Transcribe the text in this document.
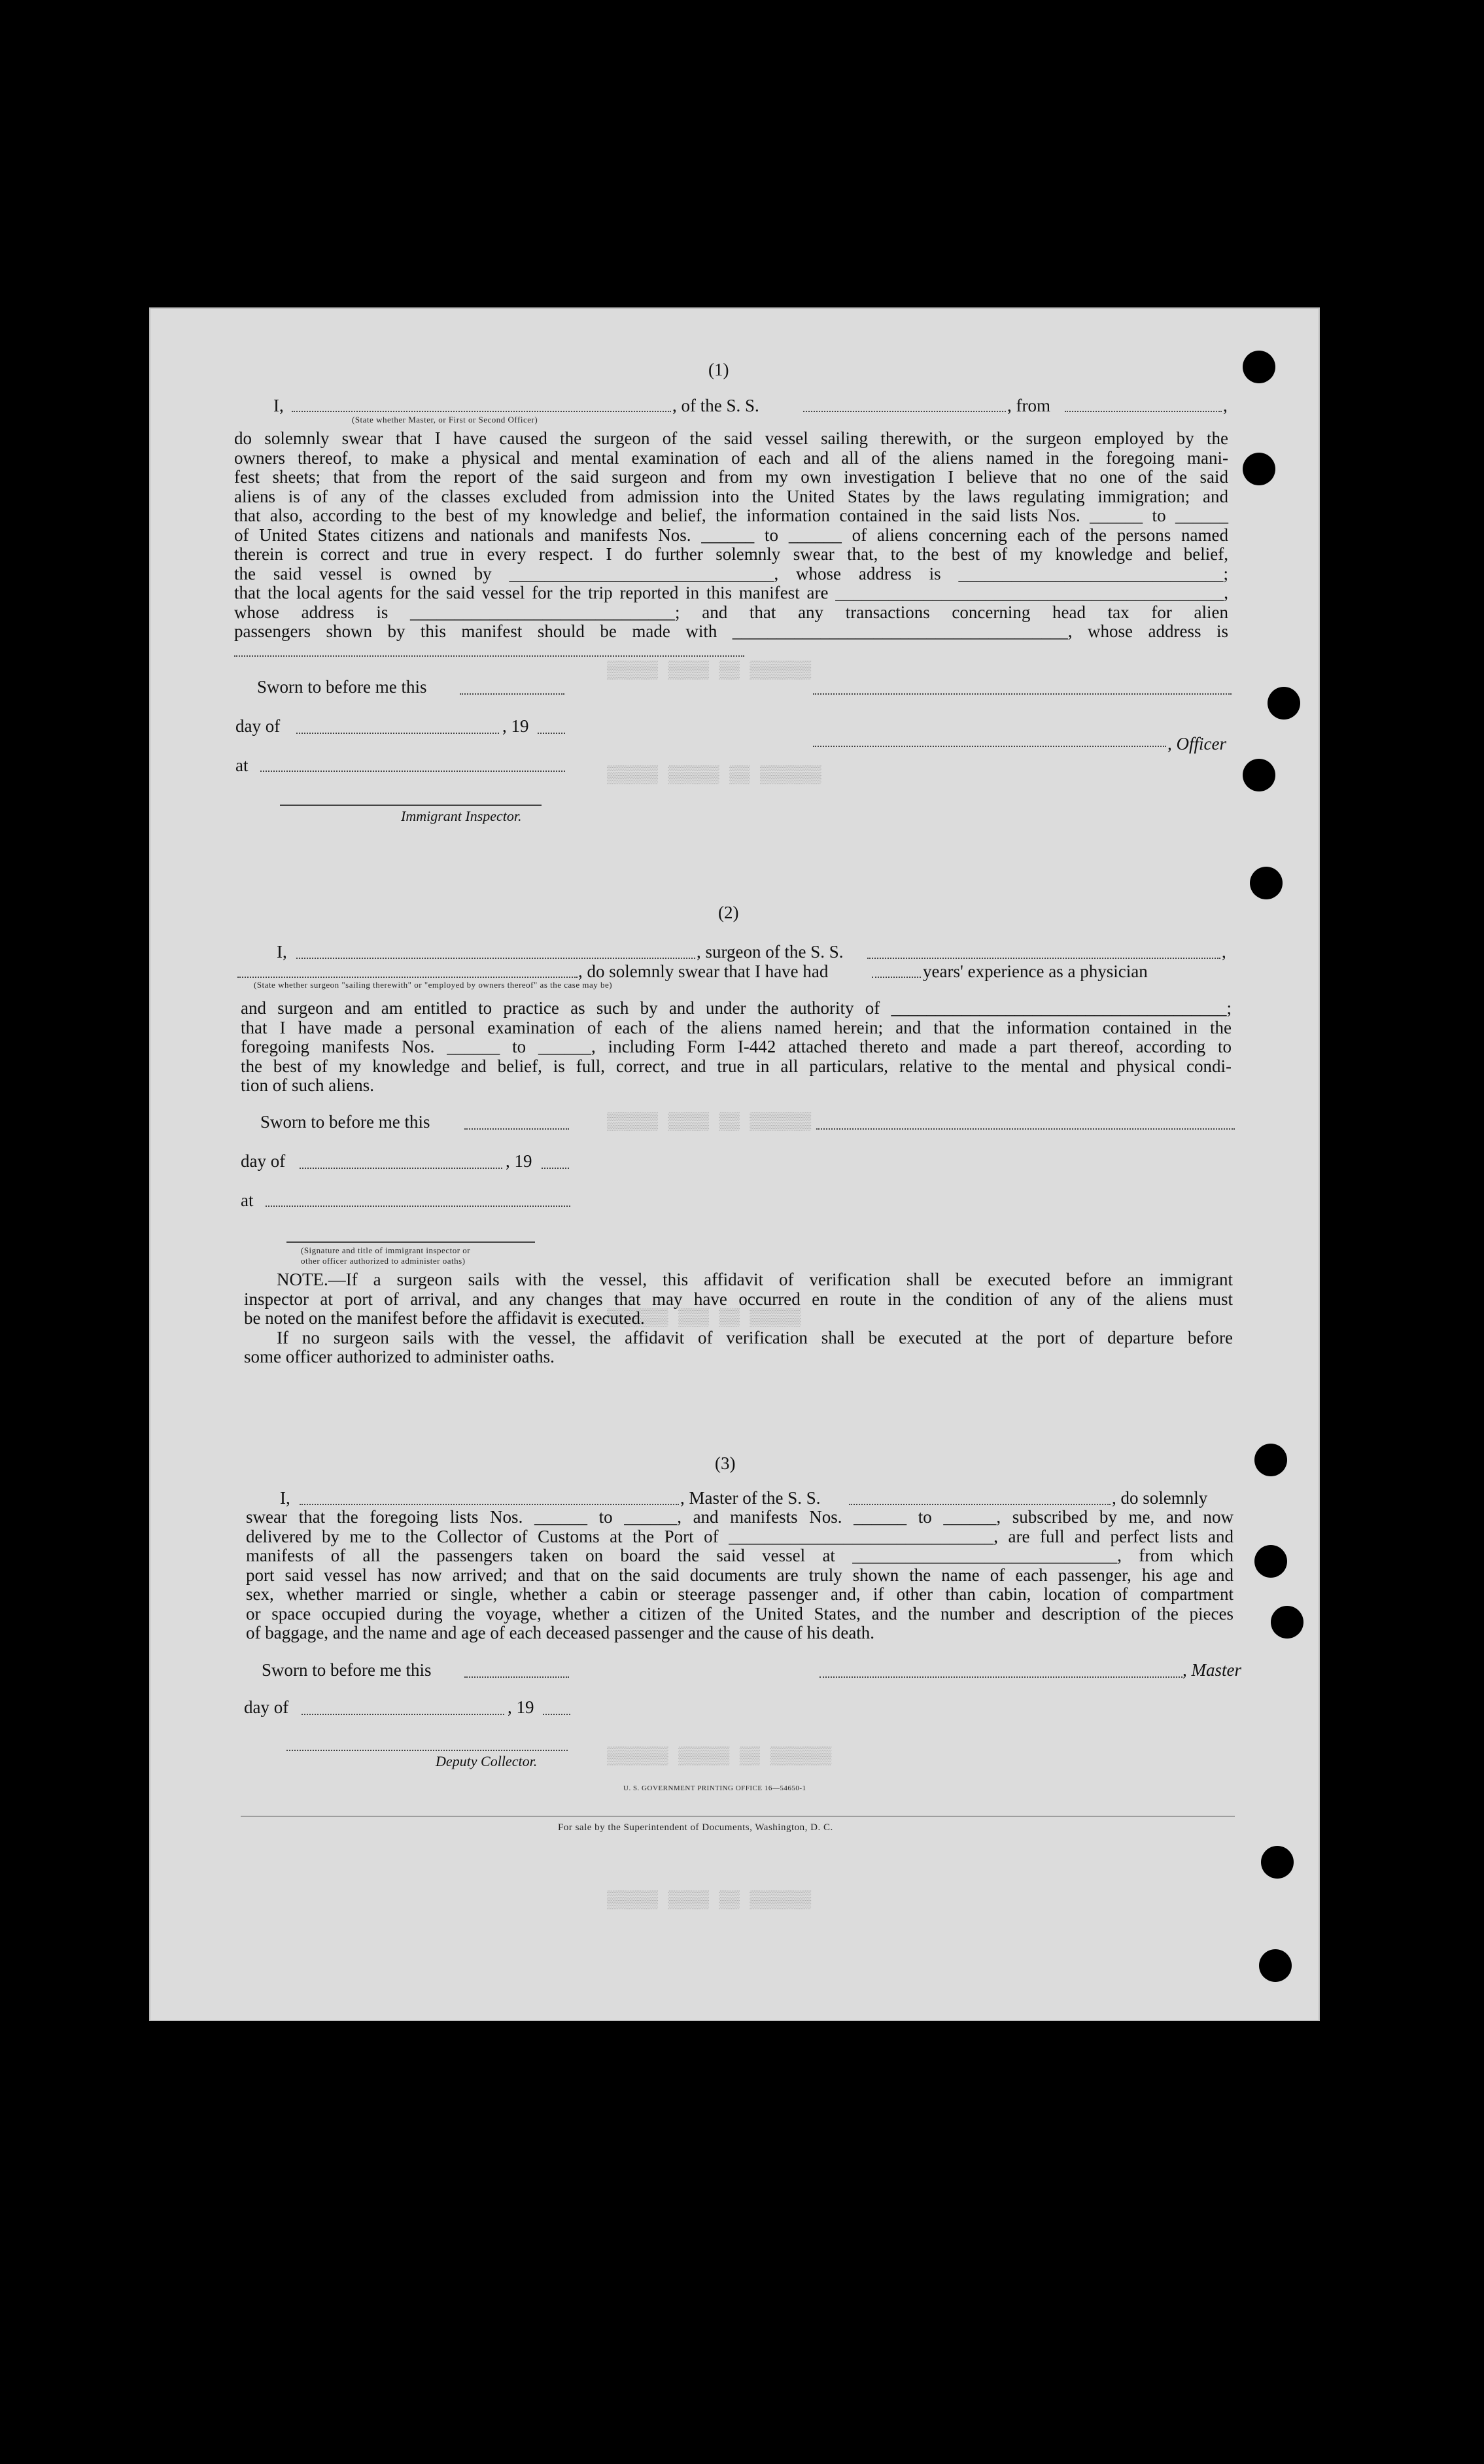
▒▒▒▒▒ ▒▒▒▒ ▒▒ ▒▒▒▒▒▒
▒▒▒▒▒ ▒▒▒▒▒ ▒▒ ▒▒▒▒▒▒
▒▒▒▒▒ ▒▒▒▒ ▒▒ ▒▒▒▒▒▒
▒▒▒▒▒▒ ▒▒▒ ▒▒ ▒▒▒▒▒
▒▒▒▒▒▒ ▒▒▒▒▒ ▒▒ ▒▒▒▒▒▒
▒▒▒▒▒ ▒▒▒▒ ▒▒ ▒▒▒▒▒▒
(1)
I,	, of the S. S.	, from	,
(State whether Master, or First or Second Officer)
do solemnly swear that I have caused the surgeon of the said vessel sailing therewith, or the surgeon employed by the
owners thereof, to make a physical and mental examination of each and all of the aliens named in the foregoing mani-
fest sheets; that from the report of the said surgeon and from my own investigation I believe that no one of the said
aliens is of any of the classes excluded from admission into the United States by the laws regulating immigration; and
that also, according to the best of my knowledge and belief, the information contained in the said lists Nos. ______ to ______
of United States citizens and nationals and manifests Nos. ______ to ______ of aliens concerning each of the persons named
therein is correct and true in every respect. I do further solemnly swear that, to the best of my knowledge and belief,
the said vessel is owned by ______________________________, whose address is ______________________________;
that the local agents for the said vessel for the trip reported in this manifest are ____________________________________________,
whose address is ______________________________; and that any transactions concerning head tax for alien
passengers shown by this manifest should be made with ______________________________________, whose address is
Sworn to before me this
day of	, 19
, Officer
at
Immigrant Inspector.
(2)
I,	, surgeon of the S. S.	,
, do solemnly swear that I have had	years' experience as a physician
(State whether surgeon "sailing therewith" or "employed by owners thereof" as the case may be)
and surgeon and am entitled to practice as such by and under the authority of ______________________________________;
that I have made a personal examination of each of the aliens named herein; and that the information contained in the
foregoing manifests Nos. ______ to ______, including Form I-442 attached thereto and made a part thereof, according to
the best of my knowledge and belief, is full, correct, and true in all particulars, relative to the mental and physical condi-
tion of such aliens.
Sworn to before me this
day of	, 19
at
(Signature and title of immigrant inspector or
other officer authorized to administer oaths)
NOTE.—If a surgeon sails with the vessel, this affidavit of verification shall be executed before an immigrant
inspector at port of arrival, and any changes that may have occurred en route in the condition of any of the aliens must
be noted on the manifest before the affidavit is executed.
If no surgeon sails with the vessel, the affidavit of verification shall be executed at the port of departure before
some officer authorized to administer oaths.
(3)
I,	, Master of the S. S.	, do solemnly
swear that the foregoing lists Nos. ______ to ______, and manifests Nos. ______ to ______, subscribed by me, and now
delivered by me to the Collector of Customs at the Port of ______________________________, are full and perfect lists and
manifests of all the passengers taken on board the said vessel at ______________________________, from which
port said vessel has now arrived; and that on the said documents are truly shown the name of each passenger, his age and
sex, whether married or single, whether a cabin or steerage passenger and, if other than cabin, location of compartment
or space occupied during the voyage, whether a citizen of the United States, and the number and description of the pieces
of baggage, and the name and age of each deceased passenger and the cause of his death.
Sworn to before me this	, Master
day of	, 19
Deputy Collector.
U. S. GOVERNMENT PRINTING OFFICE 16—54650-1
For sale by the Superintendent of Documents, Washington, D. C.
